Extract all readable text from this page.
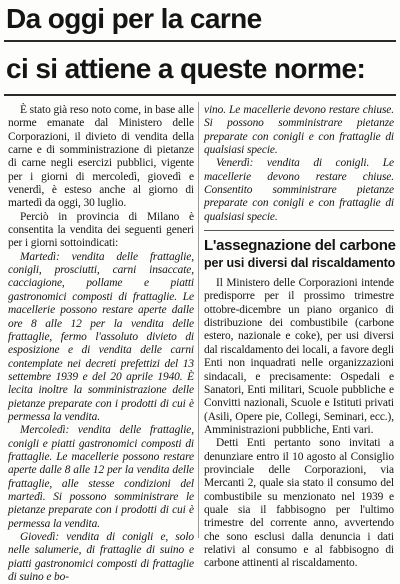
Da oggi per la carne
ci si attiene a queste norme:

È stato già reso noto come, in base alle norme emanate dal Ministero delle Corporazioni, il divieto di vendita della carne e di somministrazione di pietanze di carne negli esercizi pubblici, vigente per i giorni di mercoledì, giovedì e venerdì, è esteso anche al giorno di martedì da oggi, 30 luglio.

Perciò in provincia di Milano è consentita la vendita dei seguenti generi per i giorni sottoindicati:

Martedì: vendita delle frattaglie, conigli, prosciutti, carni insaccate, cacciagione, pollame e piatti gastronomici composti di frattaglie. Le macellerie possono restare aperte dalle ore 8 alle 12 per la vendita delle frattaglie, fermo l'assoluto divieto di esposizione e di vendita delle carni contemplate nei decreti prefettizi del 13 settembre 1939 e del 20 aprile 1940. È lecita inoltre la somministrazione delle pietanze preparate con i prodotti di cui è permessa la vendita.

Mercoledì: vendita delle frattaglie, conigli e piatti gastronomici composti di frattaglie. Le macellerie possono restare aperte dalle 8 alle 12 per la vendita delle frattaglie, alle stesse condizioni del martedì. Si possono somministrare le pietanze preparate con i prodotti di cui è permessa la vendita.

Giovedì: vendita di conigli e, solo nelle salumerie, di frattaglie di suino e piatti gastronomici composti di frattaglie di suino e bo-

vino. Le macellerie devono restare chiuse. Si possono somministrare pietanze preparate con conigli e con frattaglie di qualsiasi specie.

Venerdì: vendita di conigli. Le macellerie devono restare chiuse. Consentito somministrare pietanze preparate con conigli e con frattaglie di qualsiasi specie.

L'assegnazione del carbone
per usi diversi dal riscaldamento

Il Ministero delle Corporazioni intende predisporre per il prossimo trimestre ottobre-dicembre un piano organico di distribuzione dei combustibile (carbone estero, nazionale e coke), per usi diversi dal riscaldamento dei locali, a favore degli Enti non inquadrati nelle organizzazioni sindacali, e precisamente: Ospedali e Sanatori, Enti militari, Scuole pubbliche e Convitti nazionali, Scuole e Istituti privati (Asili, Opere pie, Collegi, Seminari, ecc.), Amministrazioni pubbliche, Enti vari.

Detti Enti pertanto sono invitati a denunziare entro il 10 agosto al Consiglio provinciale delle Corporazioni, via Mercanti 2, quale sia stato il consumo del combustibile su menzionato nel 1939 e quale sia il fabbisogno per l'ultimo trimestre del corrente anno, avvertendo che sono esclusi dalla denuncia i dati relativi al consumo e al fabbisogno di carbone attinenti al riscaldamento.
